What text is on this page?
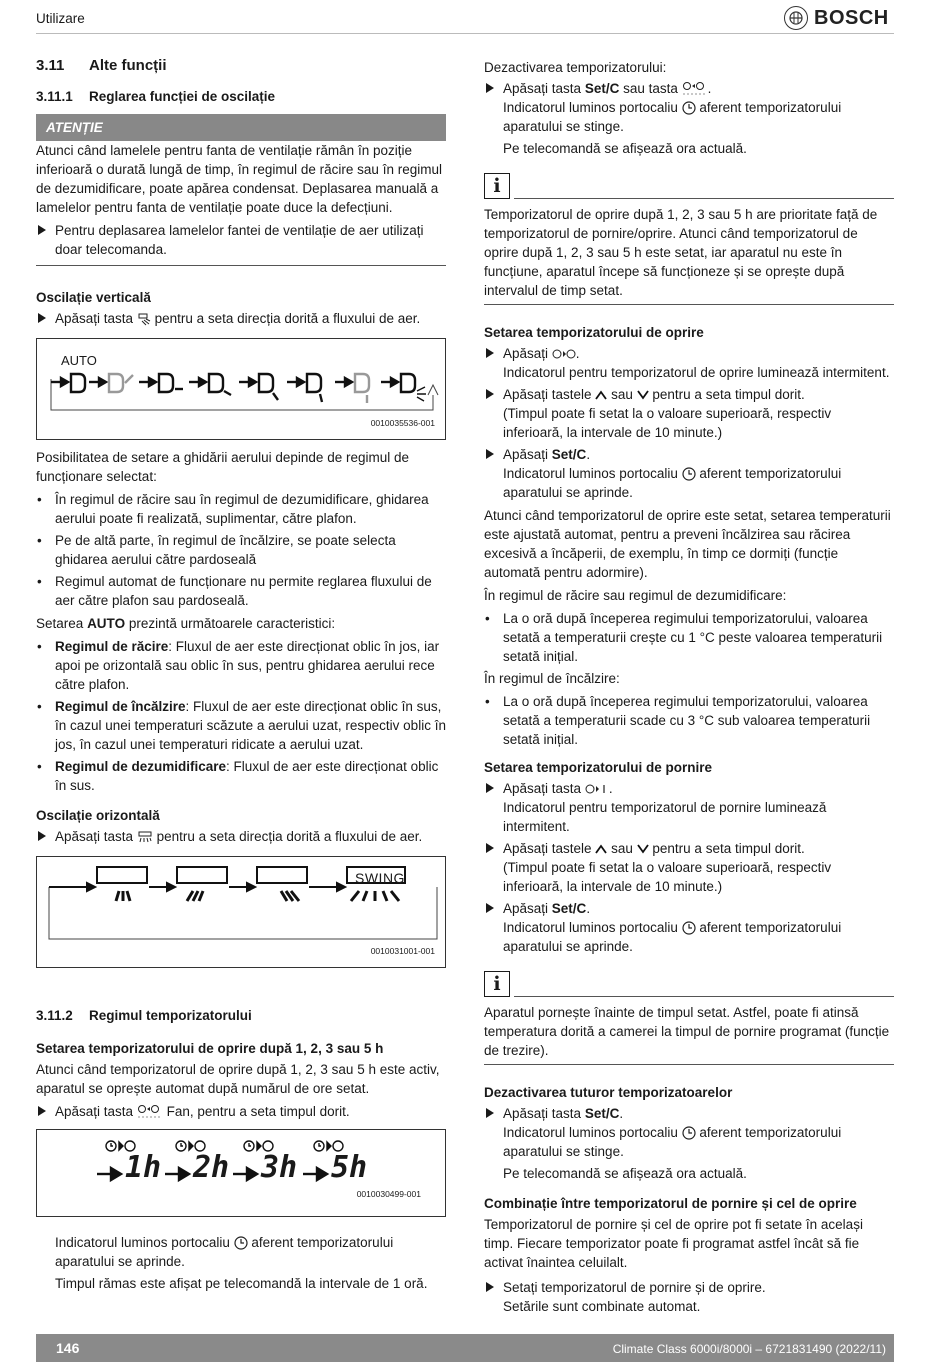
Utilizare	BOSCH
3.11 Alte funcții
3.11.1 Reglarea funcției de oscilație
ATENȚIE

Atunci când lamelele pentru fanta de ventilație rămân în poziție inferioară o durată lungă de timp, în regimul de răcire sau în regimul de dezumidificare, poate apărea condensat. Deplasarea manuală a lamelelor pentru fanta de ventilație poate duce la defecțiuni.

Pentru deplasarea lamelelor fantei de ventilație de aer utilizați doar telecomanda.
Oscilație verticală
Apăsați tasta pentru a seta direcția dorită a fluxului de aer.
AUTO
0010035536-001

Posibilitatea de setare a ghidării aerului depinde de regimul de funcționare selectat:

• În regimul de răcire sau în regimul de dezumidificare, ghidarea aerului poate fi realizată, suplimentar, către plafon.
• Pe de altă parte, în regimul de încălzire, se poate selecta ghidarea aerului către pardoseală
• Regimul automat de funcționare nu permite reglarea fluxului de aer către plafon sau pardoseală.

Setarea AUTO prezintă următoarele caracteristici:

• Regimul de răcire: Fluxul de aer este direcționat oblic în jos, iar apoi pe orizontală sau oblic în sus, pentru ghidarea aerului rece către plafon.
• Regimul de încălzire: Fluxul de aer este direcționat oblic în sus, în cazul unei temperaturi scăzute a aerului uzat, respectiv oblic în jos, în cazul unei temperaturi ridicate a aerului uzat.
• Regimul de dezumidificare: Fluxul de aer este direcționat oblic în sus.
Oscilație orizontală
Apăsați tasta pentru a seta direcția dorită a fluxului de aer.
SWING
0010031001-001
3.11.2 Regimul temporizatorului
Setarea temporizatorului de oprire după 1, 2, 3 sau 5 h

Atunci când temporizatorul de oprire după 1, 2, 3 sau 5 h este activ, aparatul se oprește automat după numărul de ore setat.

Apăsați tasta Fan, pentru a seta timpul dorit.
1h 2h 3h 5h
0010030499-001
Indicatorul luminos portocaliu aferent temporizatorului aparatului se aprinde.
Timpul rămas este afișat pe telecomandă la intervale de 1 oră.

Dezactivarea temporizatorului:

Apăsați tasta Set/C sau tasta .
Indicatorul luminos portocaliu aferent temporizatorului aparatului se stinge.
Pe telecomandă se afișează ora actuală.
i

Temporizatorul de oprire după 1, 2, 3 sau 5 h are prioritate față de temporizatorul de pornire/oprire. Atunci când temporizatorul de oprire după 1, 2, 3 sau 5 h este setat, iar aparatul nu este în funcțiune, aparatul începe să funcționeze și se oprește după intervalul de timp setat.

Setarea temporizatorului de oprire
Apăsați .
Indicatorul pentru temporizatorul de oprire luminează intermitent.
Apăsați tastele sau pentru a seta timpul dorit.
(Timpul poate fi setat la o valoare superioară, respectiv inferioară, la intervale de 10 minute.)
Apăsați Set/C.
Indicatorul luminos portocaliu aferent temporizatorului aparatului se aprinde.

Atunci când temporizatorul de oprire este setat, setarea temperaturii este ajustată automat, pentru a preveni încălzirea sau răcirea excesivă a încăperii, de exemplu, în timp ce dormiți (funcție automată pentru adormire).

În regimul de răcire sau regimul de dezumidificare:

• La o oră după începerea regimului temporizatorului, valoarea setată a temperaturii crește cu 1 °C peste valoarea temperaturii setată inițial.

În regimul de încălzire:

• La o oră după începerea regimului temporizatorului, valoarea setată a temperaturii scade cu 3 °C sub valoarea temperaturii setată inițial.
Setarea temporizatorului de pornire
Apăsați tasta .
Indicatorul pentru temporizatorul de pornire luminează intermitent.
Apăsați tastele sau pentru a seta timpul dorit.
(Timpul poate fi setat la o valoare superioară, respectiv inferioară, la intervale de 10 minute.)
Apăsați Set/C.
Indicatorul luminos portocaliu aferent temporizatorului aparatului se aprinde.
i

Aparatul pornește înainte de timpul setat. Astfel, poate fi atinsă temperatura dorită a camerei la timpul de pornire programat (funcție de trezire).

Dezactivarea tuturor temporizatoarelor
Apăsați tasta Set/C.
Indicatorul luminos portocaliu aferent temporizatorului aparatului se stinge.
Pe telecomandă se afișează ora actuală.
Combinație între temporizatorul de pornire și cel de oprire

Temporizatorul de pornire și cel de oprire pot fi setate în același timp. Fiecare temporizator poate fi programat astfel încât să fie activat înaintea celuilalt.

Setați temporizatorul de pornire și de oprire.
Setările sunt combinate automat.
146	Climate Class 6000i/8000i – 6721831490 (2022/11)
